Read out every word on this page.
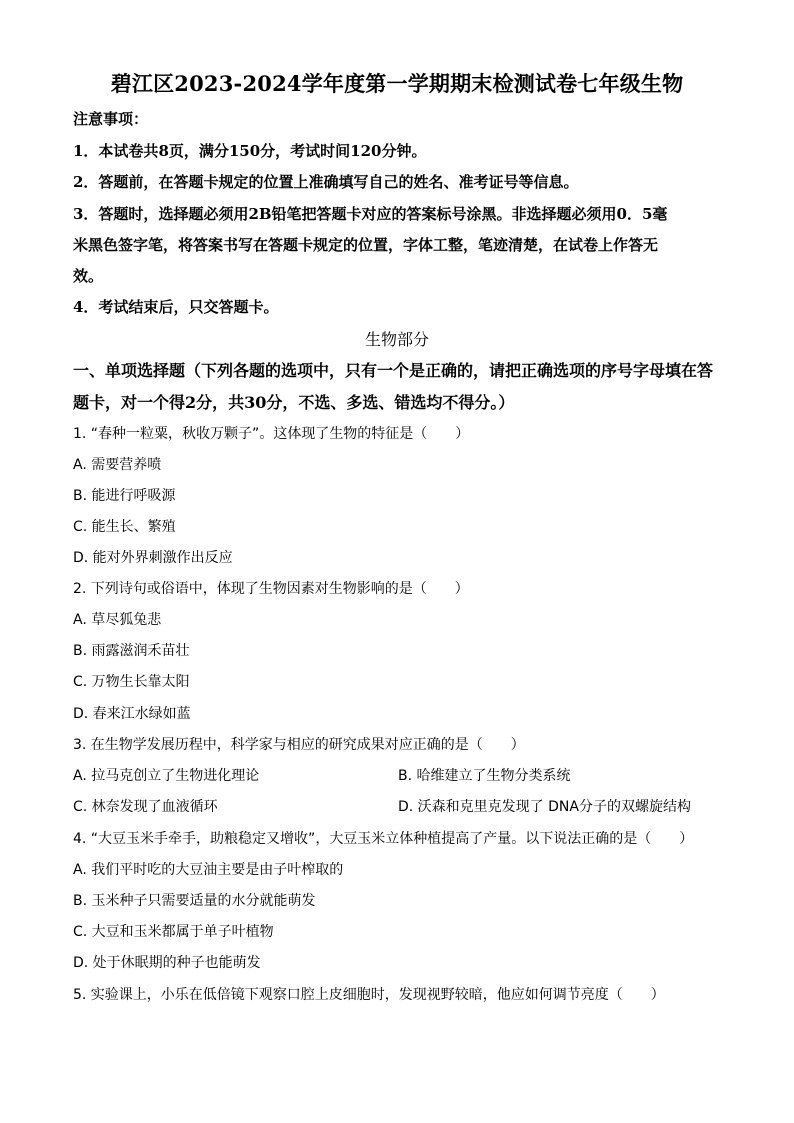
碧江区2023-2024学年度第一学期期末检测试卷七年级生物
注意事项：
1．本试卷共8页，满分150分，考试时间120分钟。
2．答题前，在答题卡规定的位置上准确填写自己的姓名、准考证号等信息。
3．答题时，选择题必须用2B铅笔把答题卡对应的答案标号涂黑。非选择题必须用0．5毫
米黑色签字笔，将答案书写在答题卡规定的位置，字体工整，笔迹清楚，在试卷上作答无
效。
4．考试结束后，只交答题卡。
生物部分
一、单项选择题（下列各题的选项中，只有一个是正确的，请把正确选项的序号字母填在答
题卡，对一个得2分，共30分，不选、多选、错选均不得分。）
1. “春种一粒粟，秋收万颗子”。这体现了生物的特征是（　　）
A. 需要营养喷
B. 能进行呼吸源
C. 能生长、繁殖
D. 能对外界刺激作出反应
2. 下列诗句或俗语中，体现了生物因素对生物影响的是（　　）
A. 草尽狐兔悲
B. 雨露滋润禾苗壮
C. 万物生长靠太阳
D. 春来江水绿如蓝
3. 在生物学发展历程中，科学家与相应的研究成果对应正确的是（　　）
A. 拉马克创立了生物进化理论	B. 哈维建立了生物分类系统
C. 林奈发现了血液循环	D. 沃森和克里克发现了 DNA分子的双螺旋结构
4. “大豆玉米手牵手，助粮稳定又增收”，大豆玉米立体种植提高了产量。以下说法正确的是（　　）
A. 我们平时吃的大豆油主要是由子叶榨取的
B. 玉米种子只需要适量的水分就能萌发
C. 大豆和玉米都属于单子叶植物
D. 处于休眠期的种子也能萌发
5. 实验课上，小乐在低倍镜下观察口腔上皮细胞时，发现视野较暗，他应如何调节亮度（　　）
